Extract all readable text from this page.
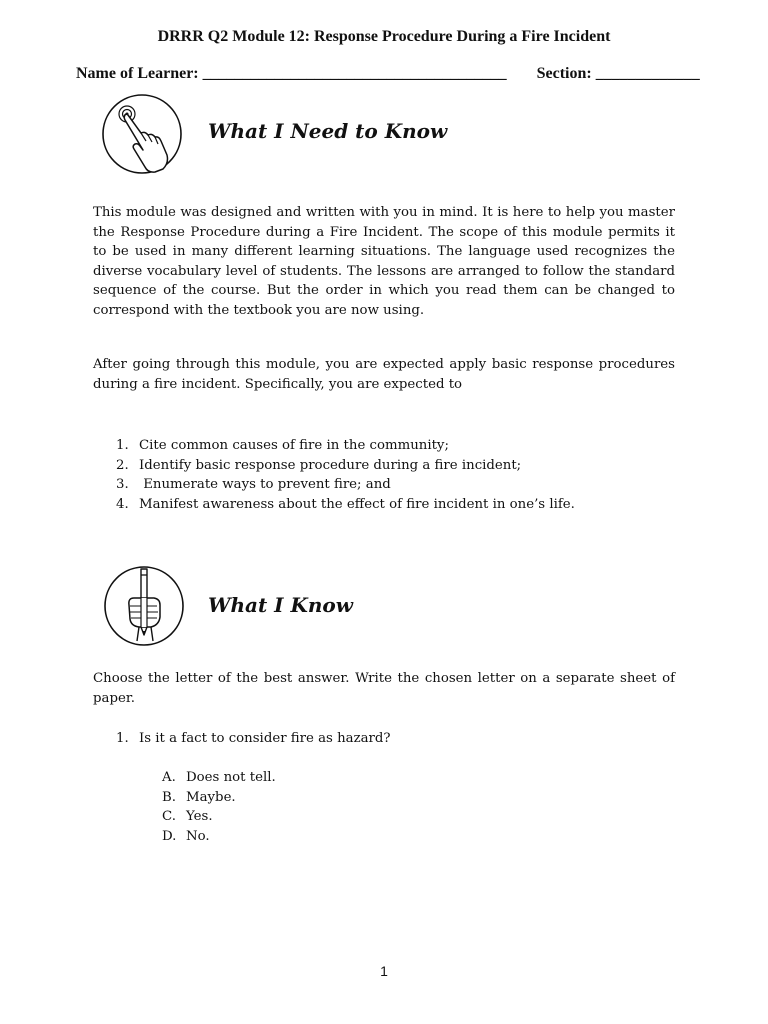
DRRR Q2 Module 12: Response Procedure During a Fire Incident
Name of Learner: ______________________________________ Section: _____________
What I Need to Know
This module was designed and written with you in mind. It is here to help you master the Response Procedure during a Fire Incident. The scope of this module permits it to be used in many different learning situations. The language used recognizes the diverse vocabulary level of students. The lessons are arranged to follow the standard sequence of the course. But the order in which you read them can be changed to correspond with the textbook you are now using.
After going through this module, you are expected apply basic response procedures during a fire incident. Specifically, you are expected to
1. Cite common causes of fire in the community;
2. Identify basic response procedure during a fire incident;
3. Enumerate ways to prevent fire; and
4. Manifest awareness about the effect of fire incident in one’s life.
What I Know
Choose the letter of the best answer. Write the chosen letter on a separate sheet of paper.
1. Is it a fact to consider fire as hazard?
A. Does not tell.
B. Maybe.
C. Yes.
D. No.
1
